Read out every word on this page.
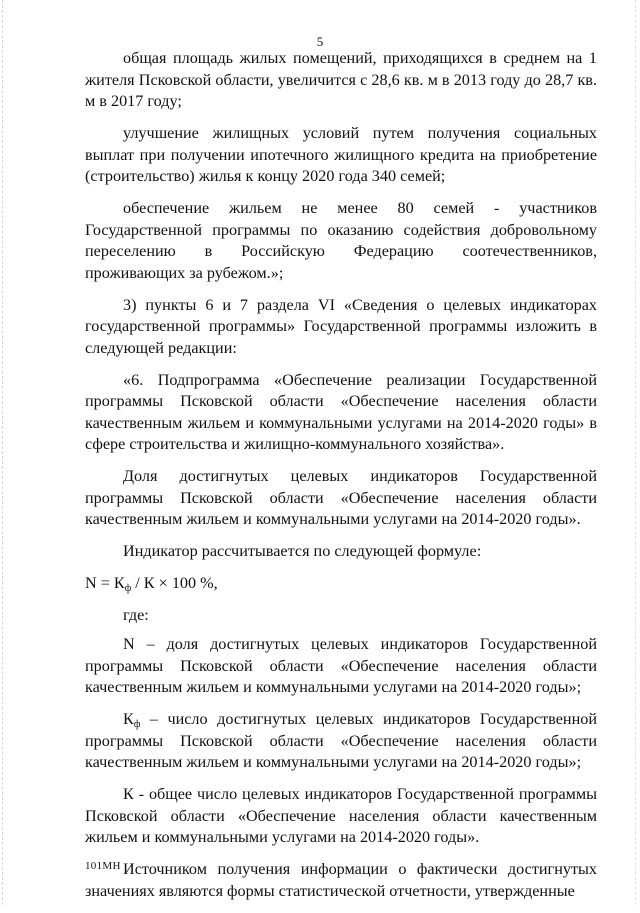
5

общая площадь жилых помещений, приходящихся в среднем на 1 жителя Псковской области, увеличится с 28,6 кв. м в 2013 году до 28,7 кв. м в 2017 году;

улучшение жилищных условий путем получения социальных выплат при получении ипотечного жилищного кредита на приобретение (строительство) жилья к концу 2020 года 340 семей;

обеспечение жильем не менее 80 семей - участников Государственной программы по оказанию содействия добровольному переселению в Российскую Федерацию соотечественников, проживающих за рубежом.»;

3) пункты 6 и 7 раздела VI «Сведения о целевых индикаторах государственной программы» Государственной программы изложить в следующей редакции:

«6. Подпрограмма «Обеспечение реализации Государственной программы Псковской области «Обеспечение населения области качественным жильем и коммунальными услугами на 2014-2020 годы» в сфере строительства и жилищно-коммунального хозяйства».

Доля достигнутых целевых индикаторов Государственной программы Псковской области «Обеспечение населения области качественным жильем и коммунальными услугами на 2014-2020 годы».

Индикатор рассчитывается по следующей формуле:

$N = К_ф / К \times 100$ %,

где:

N – доля достигнутых целевых индикаторов Государственной программы Псковской области «Обеспечение населения области качественным жильем и коммунальными услугами на 2014-2020 годы»;

$К_ф$ – число достигнутых целевых индикаторов Государственной программы Псковской области «Обеспечение населения области качественным жильем и коммунальными услугами на 2014-2020 годы»;

К - общее число целевых индикаторов Государственной программы Псковской области «Обеспечение населения области качественным жильем и коммунальными услугами на 2014-2020 годы».

Источником получения информации о фактически достигнутых значениях являются формы статистической отчетности, утвержденные

101МН
